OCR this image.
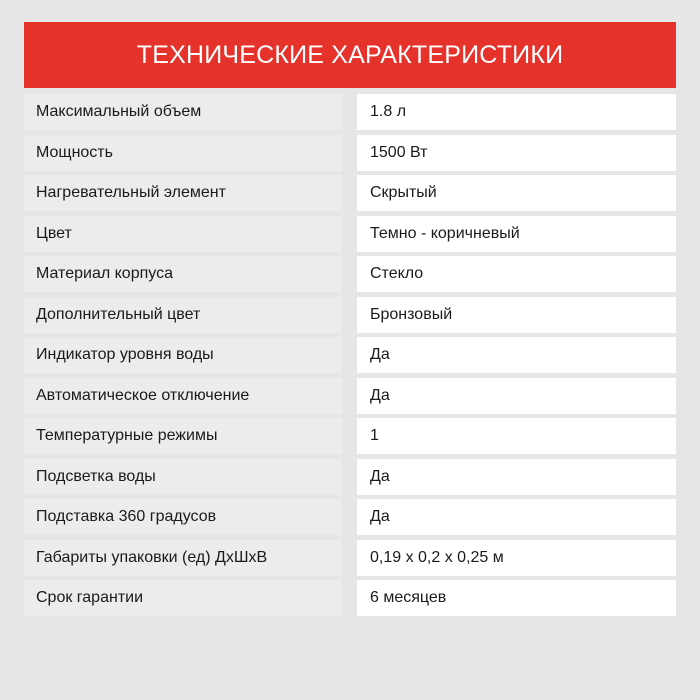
ТЕХНИЧЕСКИЕ ХАРАКТЕРИСТИКИ
Максимальный объем	1.8 л
Мощность	1500 Вт
Нагревательный элемент	Скрытый
Цвет	Темно - коричневый
Материал корпуса	Стекло
Дополнительный цвет	Бронзовый
Индикатор уровня воды	Да
Автоматическое отключение	Да
Температурные режимы	1
Подсветка воды	Да
Подставка 360 градусов	Да
Габариты упаковки (ед) ДхШхВ	0,19 x 0,2 x 0,25 м
Срок гарантии	6 месяцев
